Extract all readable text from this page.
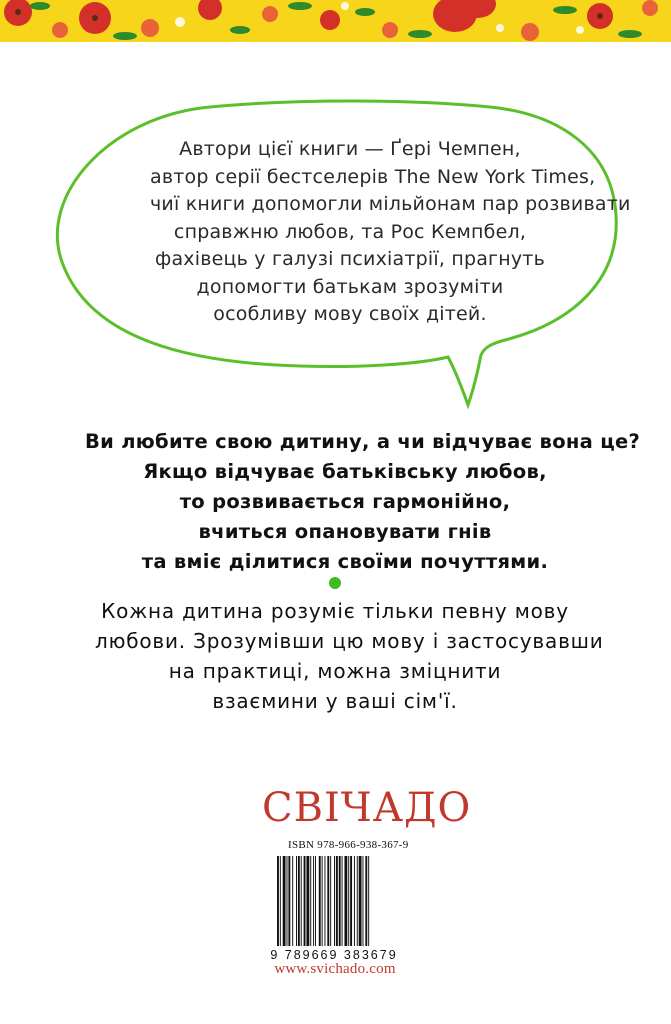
Автори цієї книги — Ґері Чемпен,
автор серії бестселерів The New York Times,
чиї книги допомогли мільйонам пар розвивати
справжню любов, та Рос Кемпбел,
фахівець у галузі психіатрії, прагнуть
допомогти батькам зрозуміти
особливу мову своїх дітей.
Ви любите свою дитину, а чи відчуває вона це?
Якщо відчуває батьківську любов,
то розвивається гармонійно,
вчиться опановувати гнів
та вміє ділитися своїми почуттями.
Кожна дитина розуміє тільки певну мову
любови. Зрозумівши цю мову і застосувавши
на практиці, можна зміцнити
взаємини у ваші сім'ї.
СВІЧАДО
ISBN 978-966-938-367-9
9 789669 383679
www.svichado.com
